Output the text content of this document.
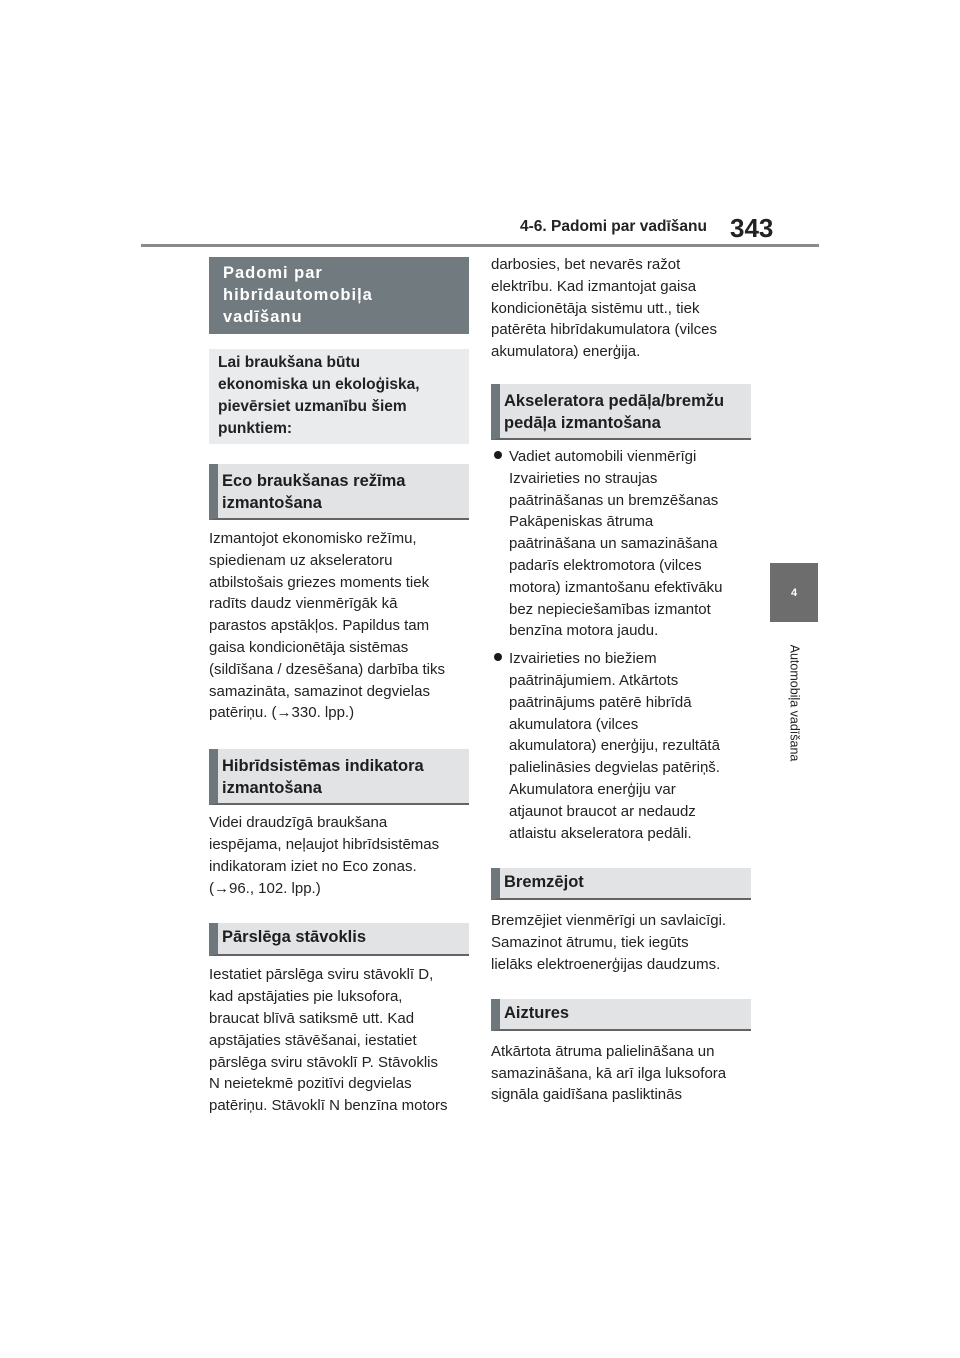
4-6. Padomi par vadīšanu 343
4
Automobiļa vadīšana
Padomi par
hibrīdautomobiļa
vadīšanu
Lai braukšana būtu
ekonomiska un ekoloģiska,
pievērsiet uzmanību šiem
punktiem:
Eco braukšanas režīma
izmantošana

Izmantojot ekonomisko režīmu,
spiedienam uz akseleratoru
atbilstošais griezes moments tiek
radīts daudz vienmērīgāk kā
parastos apstākļos. Papildus tam
gaisa kondicionētāja sistēmas
(sildīšana / dzesēšana) darbība tiks
samazināta, samazinot degvielas
patēriņu. (→330. lpp.)

Hibrīdsistēmas indikatora
izmantošana

Videi draudzīgā braukšana
iespējama, neļaujot hibrīdsistēmas
indikatoram iziet no Eco zonas.
(→96., 102. lpp.)

Pārslēga stāvoklis

Iestatiet pārslēga sviru stāvoklī D,
kad apstājaties pie luksofora,
braucat blīvā satiksmē utt. Kad
apstājaties stāvēšanai, iestatiet
pārslēga sviru stāvoklī P. Stāvoklis
N neietekmē pozitīvi degvielas
patēriņu. Stāvoklī N benzīna motors

darbosies, bet nevarēs ražot
elektrību. Kad izmantojat gaisa
kondicionētāja sistēmu utt., tiek
patērēta hibrīdakumulatora (vilces
akumulatora) enerģija.

Akseleratora pedāļa/bremžu
pedāļa izmantošana
Vadiet automobili vienmērīgi
Izvairieties no straujas
paātrināšanas un bremzēšanas
Pakāpeniskas ātruma
paātrināšana un samazināšana
padarīs elektromotora (vilces
motora) izmantošanu efektīvāku
bez nepieciešamības izmantot
benzīna motora jaudu.
Izvairieties no biežiem
paātrinājumiem. Atkārtots
paātrinājums patērē hibrīdā
akumulatora (vilces
akumulatora) enerģiju, rezultātā
palielināsies degvielas patēriņš.
Akumulatora enerģiju var
atjaunot braucot ar nedaudz
atlaistu akseleratora pedāli.
Bremzējot

Bremzējiet vienmērīgi un savlaicīgi.
Samazinot ātrumu, tiek iegūts
lielāks elektroenerģijas daudzums.

Aiztures

Atkārtota ātruma palielināšana un
samazināšana, kā arī ilga luksofora
signāla gaidīšana pasliktinās
